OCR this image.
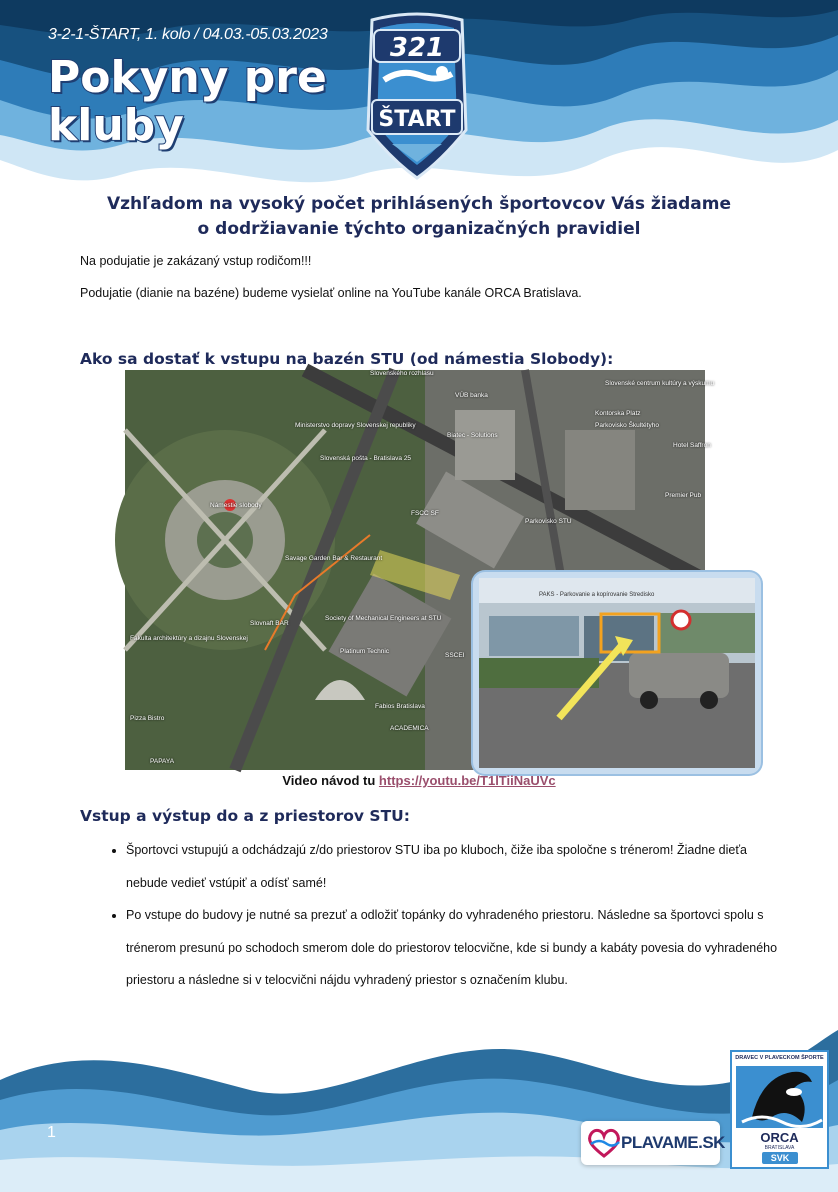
3-2-1-ŠTART, 1. kolo / 04.03.-05.03.2023
Pokyny pre
kluby
321
ŠTART
Vzhľadom na vysoký počet prihlásených športovcov Vás žiadame
o dodržiavanie týchto organizačných pravidiel
Na podujatie je zakázaný vstup rodičom!!!
Podujatie (dianie na bazéne) budeme vysielať online na YouTube kanále ORCA Bratislava.
Ako sa dostať k vstupu na bazén STU (od námestia Slobody):
Slovenského rozhlasu
Námestie slobody
Ministerstvo dopravy Slovenskej republiky
Slovenská pošta - Bratislava 25
Savage Garden Bar & Restaurant
Slovnaft BAR
Society of Mechanical Engineers at STU
Platinum Technic
Fakulta architektúry a dizajnu Slovenskej
VÚB banka
Biatec - Solutions
Parkovisko STU
Parkovisko Škultétyho
Slovenské centrum kultúry a výskumu
Hotel Saffron
Premier Pub
Kontorska Platz
FSCC SF
SSCEI
Fabios Bratislava
ACADEMICA
Pizza Bistro
PAPAYA
PAKS - Parkovanie a kopírovanie Stredisko
Video návod tu https://youtu.be/T1lTiiNaUVc
Vstup a výstup do a z priestorov STU:
• Športovci vstupujú a odchádzajú z/do priestorov STU iba po kluboch, čiže iba spoločne s trénerom! Žiadne dieťa nebude vedieť vstúpiť a odísť samé!
• Po vstupe do budovy je nutné sa prezuť a odložiť topánky do vyhradeného priestoru. Následne sa športovci spolu s trénerom presunú po schodoch smerom dole do priestorov telocvične, kde si bundy a kabáty povesia do vyhradeného priestoru a následne si v telocvični nájdu vyhradený priestor s označením klubu.
1
PLAVAME.SK
DRAVEC V PLAVECKOM ŠPORTE
ORCA
BRATISLAVA
SVK
